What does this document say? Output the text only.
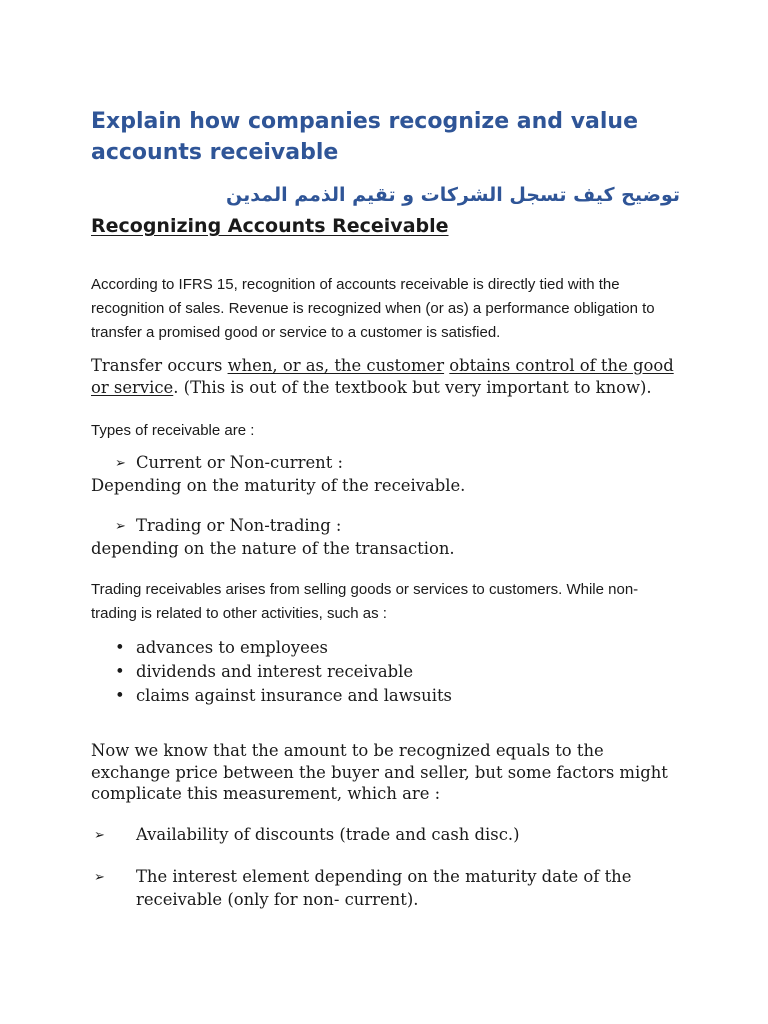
Explain how companies recognize and value accounts receivable
توضيح كيف تسجل الشركات و تقيم الذمم المدين
Recognizing Accounts Receivable

According to IFRS 15, recognition of accounts receivable is directly tied with the recognition of sales. Revenue is recognized when (or as) a performance obligation to transfer a promised good or service to a customer is satisfied.

Transfer occurs when, or as, the customer obtains control of the good or service. (This is out of the textbook but very important to know).

Types of receivable are :

➢ Current or Non-current :

Depending on the maturity of the receivable.

➢ Trading or Non-trading :

depending on the nature of the transaction.

Trading receivables arises from selling goods or services to customers. While non-trading is related to other activities, such as :

• advances to employees
• dividends and interest receivable
• claims against insurance and lawsuits

Now we know that the amount to be recognized equals to the exchange price between the buyer and seller, but some factors might complicate this measurement, which are :

➢ Availability of discounts (trade and cash disc.)
➢ The interest element depending on the maturity date of the receivable (only for non- current).
